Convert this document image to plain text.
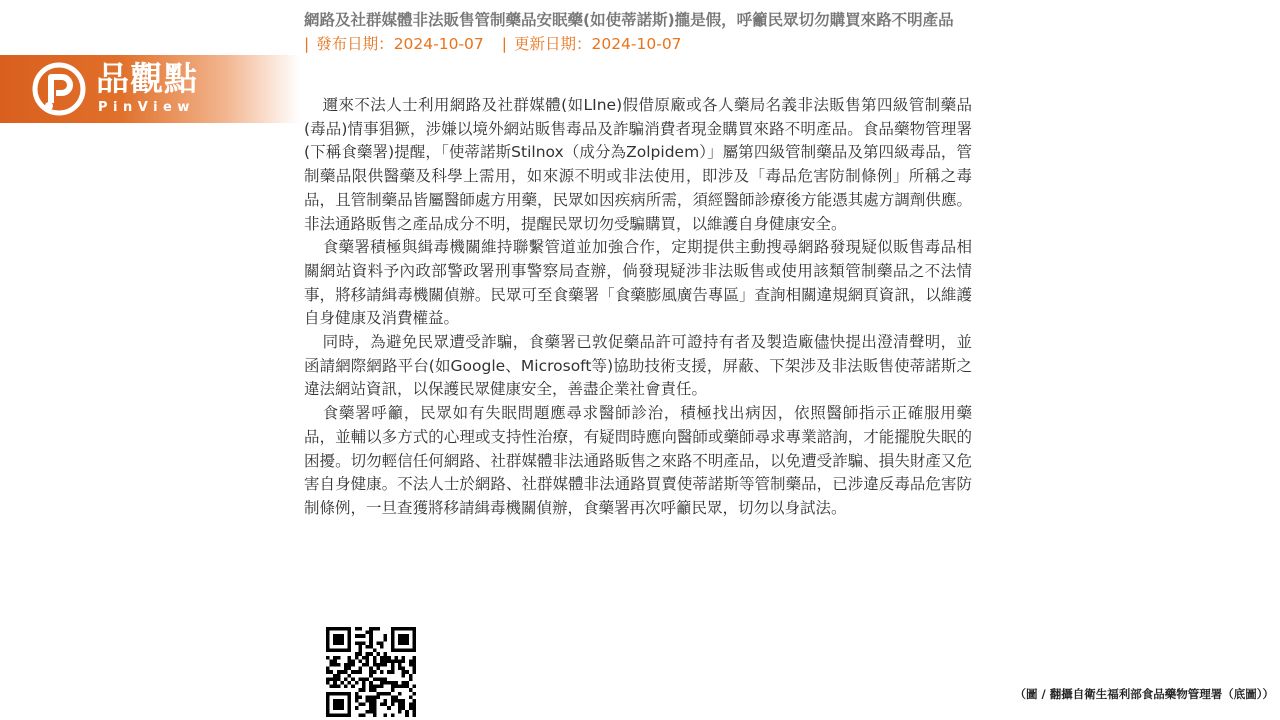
品觀點
PinView
網路及社群媒體非法販售管制藥品安眠藥(如使蒂諾斯)攏是假，呼籲民眾切勿購買來路不明產品

| 發布日期：2024-10-07 | 更新日期：2024-10-07

邇來不法人士利用網路及社群媒體(如LIne)假借原廠或各人藥局名義非法販售第四級管制藥品(毒品)情事猖獗，涉嫌以境外網站販售毒品及詐騙消費者現金購買來路不明產品。食品藥物管理署(下稱食藥署)提醒，「使蒂諾斯Stilnox（成分為Zolpidem）」屬第四級管制藥品及第四級毒品，管制藥品限供醫藥及科學上需用，如來源不明或非法使用，即涉及「毒品危害防制條例」所稱之毒品，且管制藥品皆屬醫師處方用藥，民眾如因疾病所需，須經醫師診療後方能憑其處方調劑供應。非法通路販售之產品成分不明，提醒民眾切勿受騙購買，以維護自身健康安全。

食藥署積極與緝毒機關維持聯繫管道並加強合作，定期提供主動搜尋網路發現疑似販售毒品相關網站資料予內政部警政署刑事警察局查辦，倘發現疑涉非法販售或使用該類管制藥品之不法情事，將移請緝毒機關偵辦。民眾可至食藥署「食藥膨風廣告專區」查詢相關違規網頁資訊，以維護自身健康及消費權益。

同時，為避免民眾遭受詐騙，食藥署已敦促藥品許可證持有者及製造廠儘快提出澄清聲明，並函請網際網路平台(如Google、Microsoft等)協助技術支援，屏蔽、下架涉及非法販售使蒂諾斯之違法網站資訊，以保護民眾健康安全，善盡企業社會責任。

食藥署呼籲，民眾如有失眠問題應尋求醫師診治，積極找出病因，依照醫師指示正確服用藥品，並輔以多方式的心理或支持性治療，有疑問時應向醫師或藥師尋求專業諮詢，才能擺脫失眠的困擾。切勿輕信任何網路、社群媒體非法通路販售之來路不明產品，以免遭受詐騙、損失財產又危害自身健康。不法人士於網路、社群媒體非法通路買賣使蒂諾斯等管制藥品，已涉違反毒品危害防制條例，一旦查獲將移請緝毒機關偵辦，食藥署再次呼籲民眾，切勿以身試法。

（圖 / 翻攝自衛生福利部食品藥物管理署（底圖））
